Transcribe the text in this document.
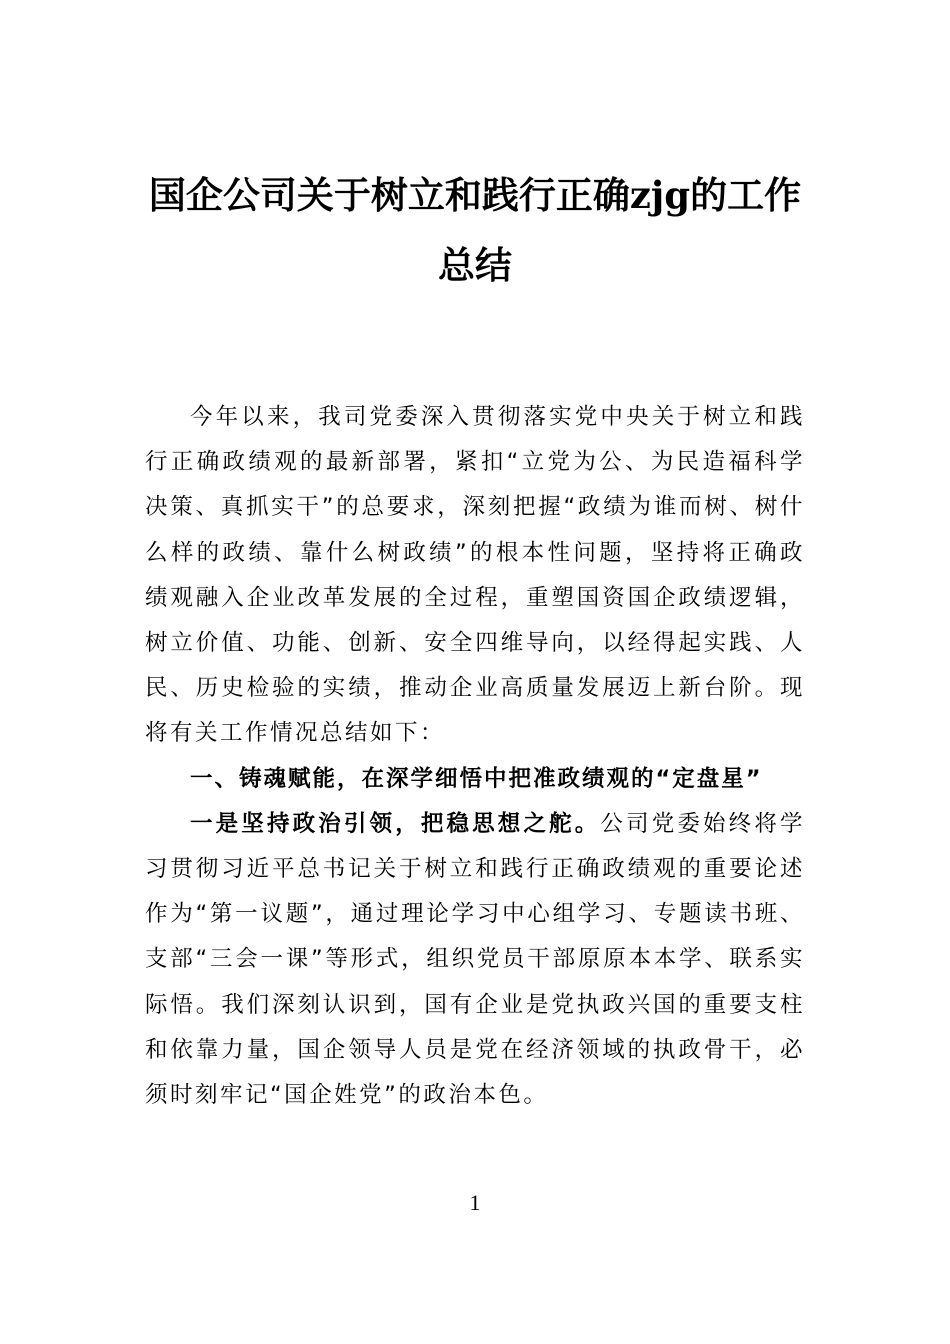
国企公司关于树立和践行正确zjg的工作总结

今年以来，我司党委深入贯彻落实党中央关于树立和践行正确政绩观的最新部署，紧扣“立党为公、为民造福科学决策、真抓实干”的总要求，深刻把握“政绩为谁而树、树什么样的政绩、靠什么树政绩”的根本性问题，坚持将正确政绩观融入企业改革发展的全过程，重塑国资国企政绩逻辑，树立价值、功能、创新、安全四维导向，以经得起实践、人民、历史检验的实绩，推动企业高质量发展迈上新台阶。现将有关工作情况总结如下：

一、铸魂赋能，在深学细悟中把准政绩观的“定盘星”

一是坚持政治引领，把稳思想之舵。公司党委始终将学习贯彻习近平总书记关于树立和践行正确政绩观的重要论述作为“第一议题”，通过理论学习中心组学习、专题读书班、支部“三会一课”等形式，组织党员干部原原本本学、联系实际悟。我们深刻认识到，国有企业是党执政兴国的重要支柱和依靠力量，国企领导人员是党在经济领域的执政骨干，必须时刻牢记“国企姓党”的政治本色。

1
